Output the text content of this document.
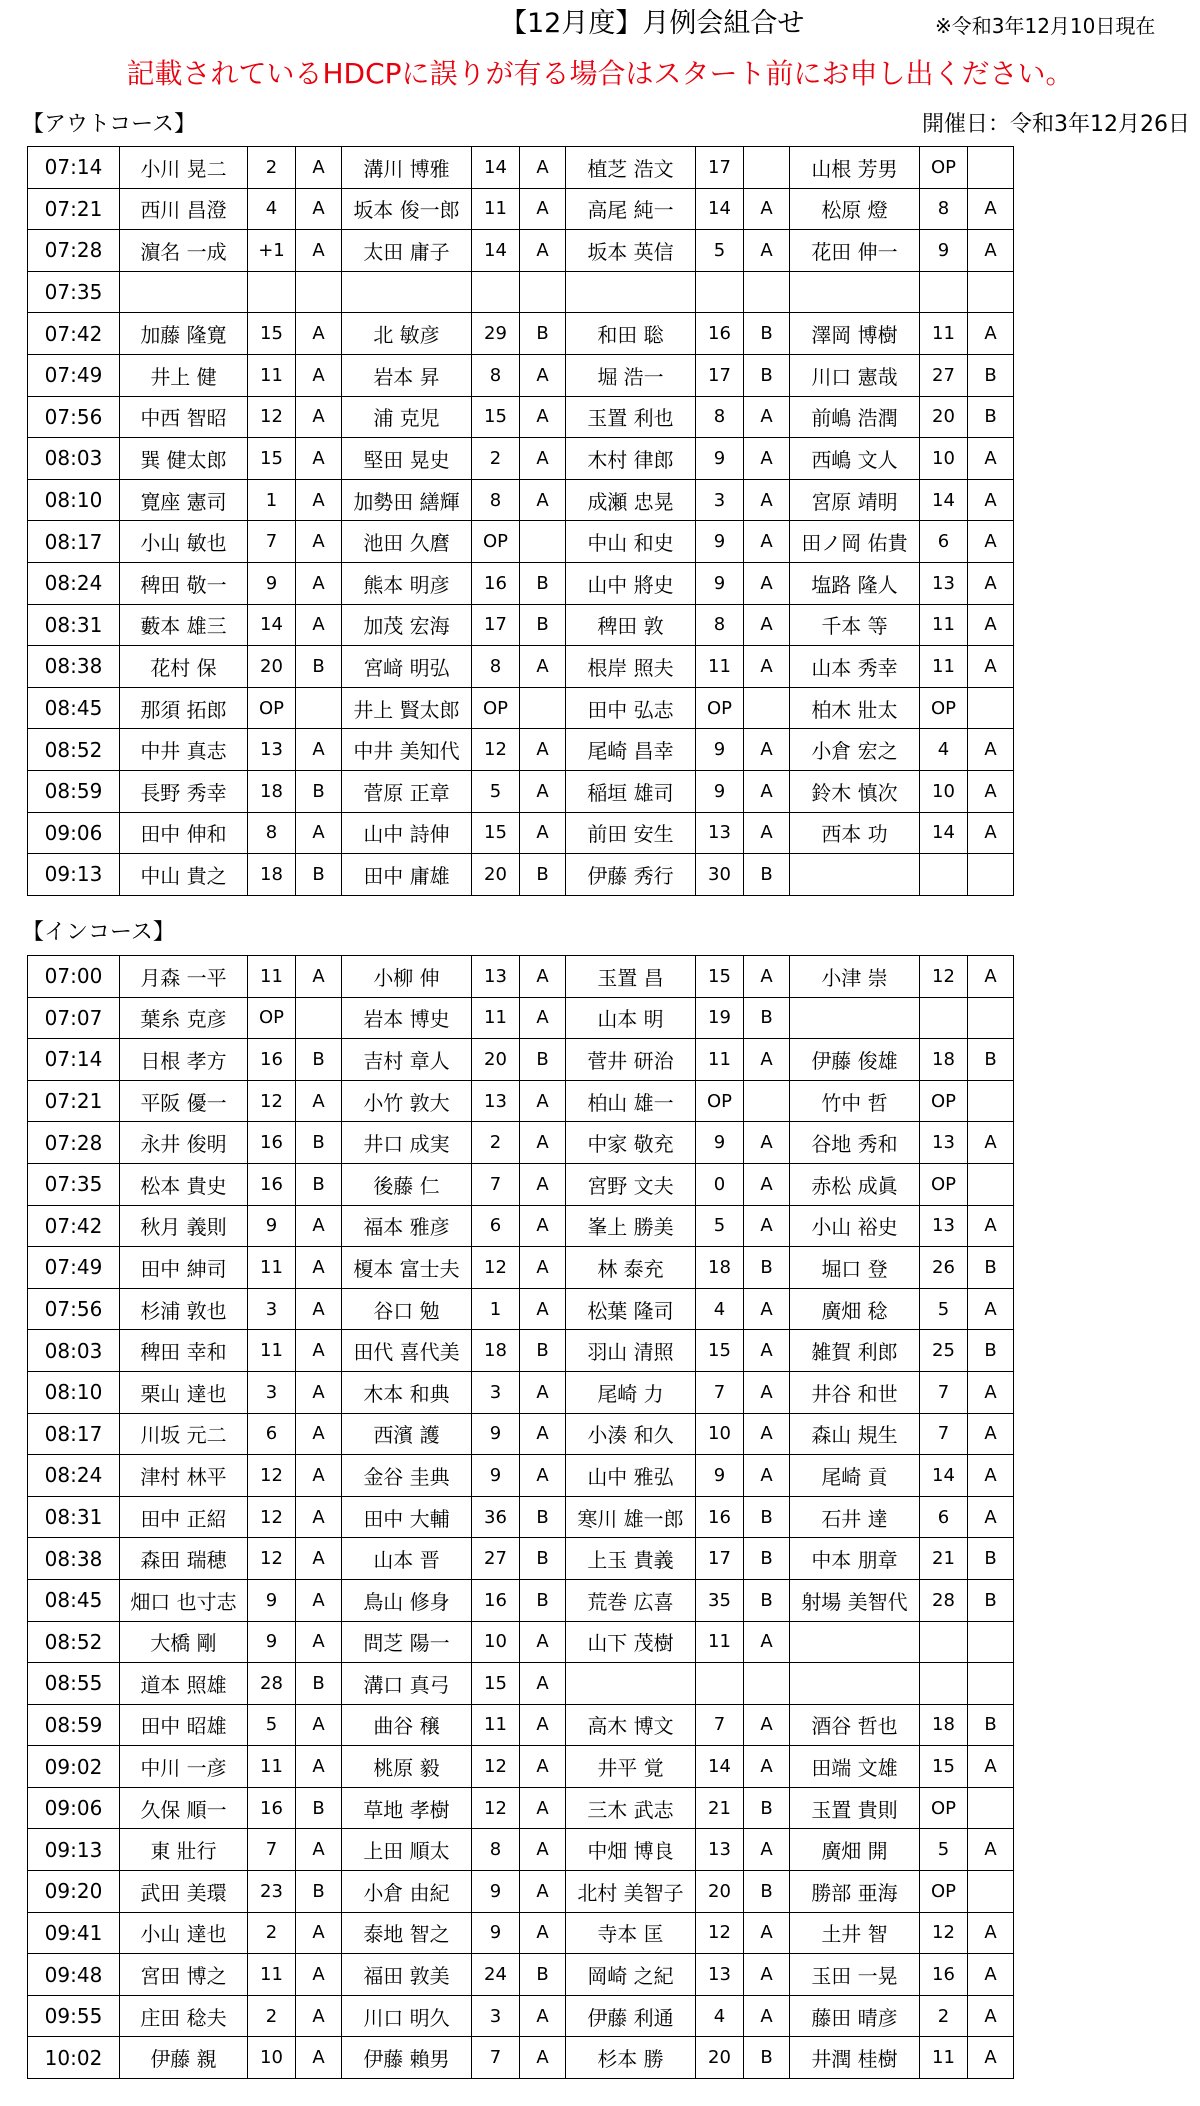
【12月度】月例会組合せ	※令和3年12月10日現在
記載されているHDCPに誤りが有る場合はスタート前にお申し出ください。
【アウトコース】	開催日：令和3年12月26日
07:14	小川 晃二	2	A	溝川 博雅	14	A	植芝 浩文	17		山根 芳男	OP	
07:21	西川 昌澄	4	A	坂本 俊一郎	11	A	高尾 純一	14	A	松原 燈	8	A
07:28	濵名 一成	+1	A	太田 庸子	14	A	坂本 英信	5	A	花田 伸一	9	A
07:35												
07:42	加藤 隆寛	15	A	北 敏彦	29	B	和田 聡	16	B	澤岡 博樹	11	A
07:49	井上 健	11	A	岩本 昇	8	A	堀 浩一	17	B	川口 憲哉	27	B
07:56	中西 智昭	12	A	浦 克児	15	A	玉置 利也	8	A	前嶋 浩潤	20	B
08:03	巽 健太郎	15	A	堅田 晃史	2	A	木村 律郎	9	A	西嶋 文人	10	A
08:10	寛座 憲司	1	A	加勢田 繕輝	8	A	成瀬 忠晃	3	A	宮原 靖明	14	A
08:17	小山 敏也	7	A	池田 久麿	OP		中山 和史	9	A	田ノ岡 佑貴	6	A
08:24	稗田 敬一	9	A	熊本 明彦	16	B	山中 將史	9	A	塩路 隆人	13	A
08:31	藪本 雄三	14	A	加茂 宏海	17	B	稗田 敦	8	A	千本 等	11	A
08:38	花村 保	20	B	宮﨑 明弘	8	A	根岸 照夫	11	A	山本 秀幸	11	A
08:45	那須 拓郎	OP		井上 賢太郎	OP		田中 弘志	OP		柏木 壯太	OP	
08:52	中井 真志	13	A	中井 美知代	12	A	尾崎 昌幸	9	A	小倉 宏之	4	A
08:59	長野 秀幸	18	B	菅原 正章	5	A	稲垣 雄司	9	A	鈴木 慎次	10	A
09:06	田中 伸和	8	A	山中 詩伸	15	A	前田 安生	13	A	西本 功	14	A
09:13	中山 貴之	18	B	田中 庸雄	20	B	伊藤 秀行	30	B			
【インコース】
07:00	月森 一平	11	A	小柳 伸	13	A	玉置 昌	15	A	小津 崇	12	A
07:07	葉糸 克彦	OP		岩本 博史	11	A	山本 明	19	B			
07:14	日根 孝方	16	B	吉村 章人	20	B	菅井 研治	11	A	伊藤 俊雄	18	B
07:21	平阪 優一	12	A	小竹 敦大	13	A	柏山 雄一	OP		竹中 哲	OP	
07:28	永井 俊明	16	B	井口 成実	2	A	中家 敬充	9	A	谷地 秀和	13	A
07:35	松本 貴史	16	B	後藤 仁	7	A	宮野 文夫	0	A	赤松 成眞	OP	
07:42	秋月 義則	9	A	福本 雅彦	6	A	峯上 勝美	5	A	小山 裕史	13	A
07:49	田中 紳司	11	A	榎本 富士夫	12	A	林 泰充	18	B	堀口 登	26	B
07:56	杉浦 敦也	3	A	谷口 勉	1	A	松葉 隆司	4	A	廣畑 稔	5	A
08:03	稗田 幸和	11	A	田代 喜代美	18	B	羽山 清照	15	A	雑賀 利郎	25	B
08:10	栗山 達也	3	A	木本 和典	3	A	尾崎 力	7	A	井谷 和世	7	A
08:17	川坂 元二	6	A	西濱 護	9	A	小湊 和久	10	A	森山 規生	7	A
08:24	津村 林平	12	A	金谷 圭典	9	A	山中 雅弘	9	A	尾崎 貢	14	A
08:31	田中 正紹	12	A	田中 大輔	36	B	寒川 雄一郎	16	B	石井 達	6	A
08:38	森田 瑞穂	12	A	山本 晋	27	B	上玉 貴義	17	B	中本 朋章	21	B
08:45	畑口 也寸志	9	A	鳥山 修身	16	B	荒巻 広喜	35	B	射場 美智代	28	B
08:52	大橋 剛	9	A	問芝 陽一	10	A	山下 茂樹	11	A			
08:55	道本 照雄	28	B	溝口 真弓	15	A						
08:59	田中 昭雄	5	A	曲谷 穣	11	A	高木 博文	7	A	酒谷 哲也	18	B
09:02	中川 一彦	11	A	桃原 毅	12	A	井平 覚	14	A	田端 文雄	15	A
09:06	久保 順一	16	B	草地 孝樹	12	A	三木 武志	21	B	玉置 貴則	OP	
09:13	東 壯行	7	A	上田 順太	8	A	中畑 博良	13	A	廣畑 開	5	A
09:20	武田 美環	23	B	小倉 由紀	9	A	北村 美智子	20	B	勝部 亜海	OP	
09:41	小山 達也	2	A	泰地 智之	9	A	寺本 匡	12	A	土井 智	12	A
09:48	宮田 博之	11	A	福田 敦美	24	B	岡崎 之紀	13	A	玉田 一晃	16	A
09:55	庄田 稔夫	2	A	川口 明久	3	A	伊藤 利通	4	A	藤田 晴彦	2	A
10:02	伊藤 親	10	A	伊藤 賴男	7	A	杉本 勝	20	B	井潤 桂樹	11	A
